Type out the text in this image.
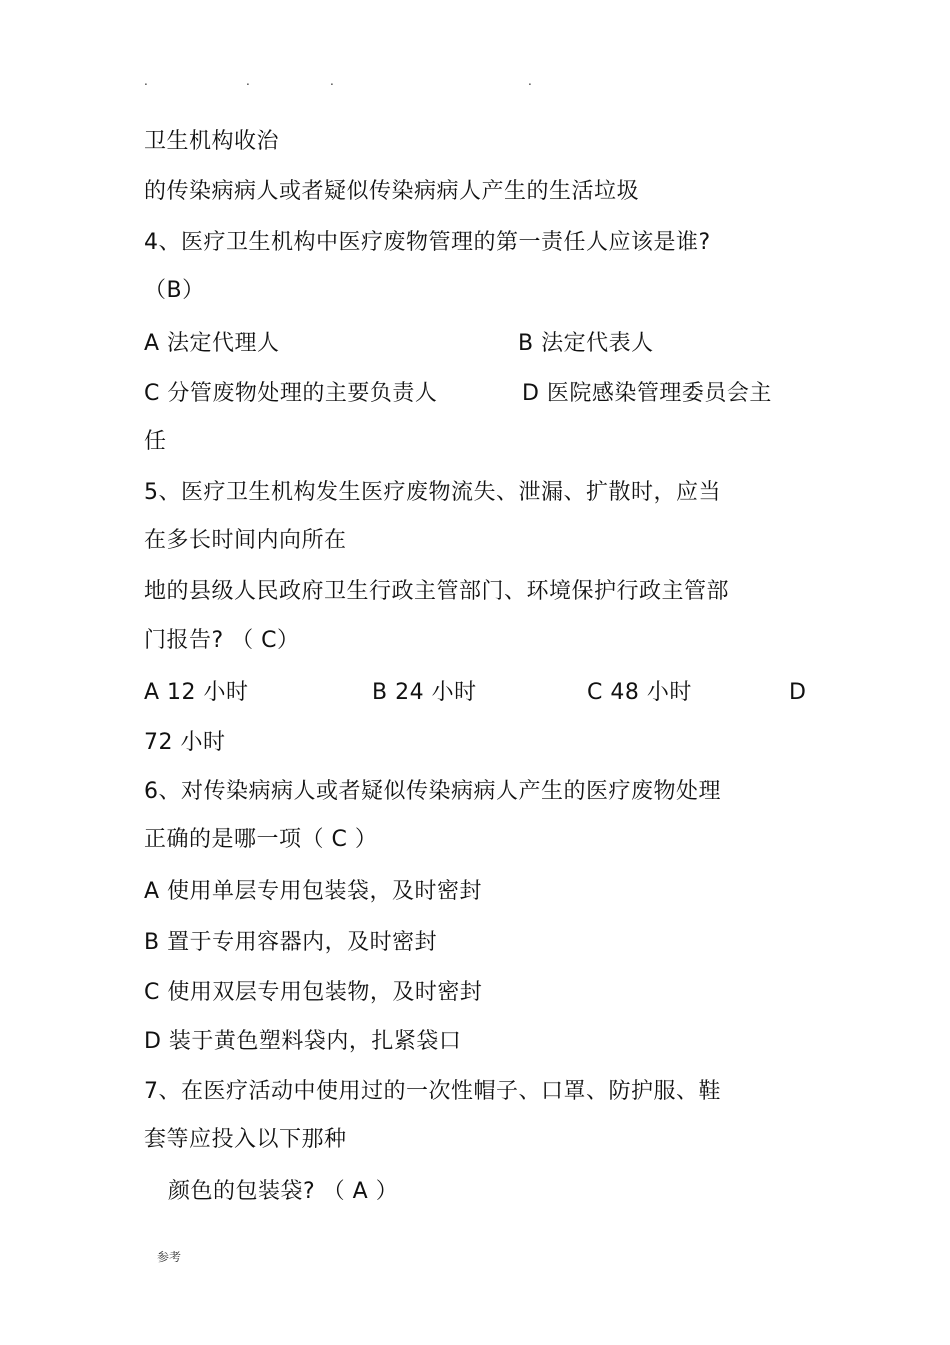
.	.	.	.
卫生机构收治
的传染病病人或者疑似传染病病人产生的生活垃圾
4、医疗卫生机构中医疗废物管理的第一责任人应该是谁?
（B）
A 法定代理人	B 法定代表人
C 分管废物处理的主要负责人	D 医院感染管理委员会主
任
5、医疗卫生机构发生医疗废物流失、泄漏、扩散时，应当
在多长时间内向所在
地的县级人民政府卫生行政主管部门、环境保护行政主管部
门报告? （ C）
A 12 小时	B 24 小时	C 48 小时	D
72 小时
6、对传染病病人或者疑似传染病病人产生的医疗废物处理
正确的是哪一项（ C ）
A 使用单层专用包装袋，及时密封
B 置于专用容器内，及时密封
C 使用双层专用包装物，及时密封
D 装于黄色塑料袋内，扎紧袋口
7、在医疗活动中使用过的一次性帽子、口罩、防护服、鞋
套等应投入以下那种
颜色的包装袋? （ A ）
参考
